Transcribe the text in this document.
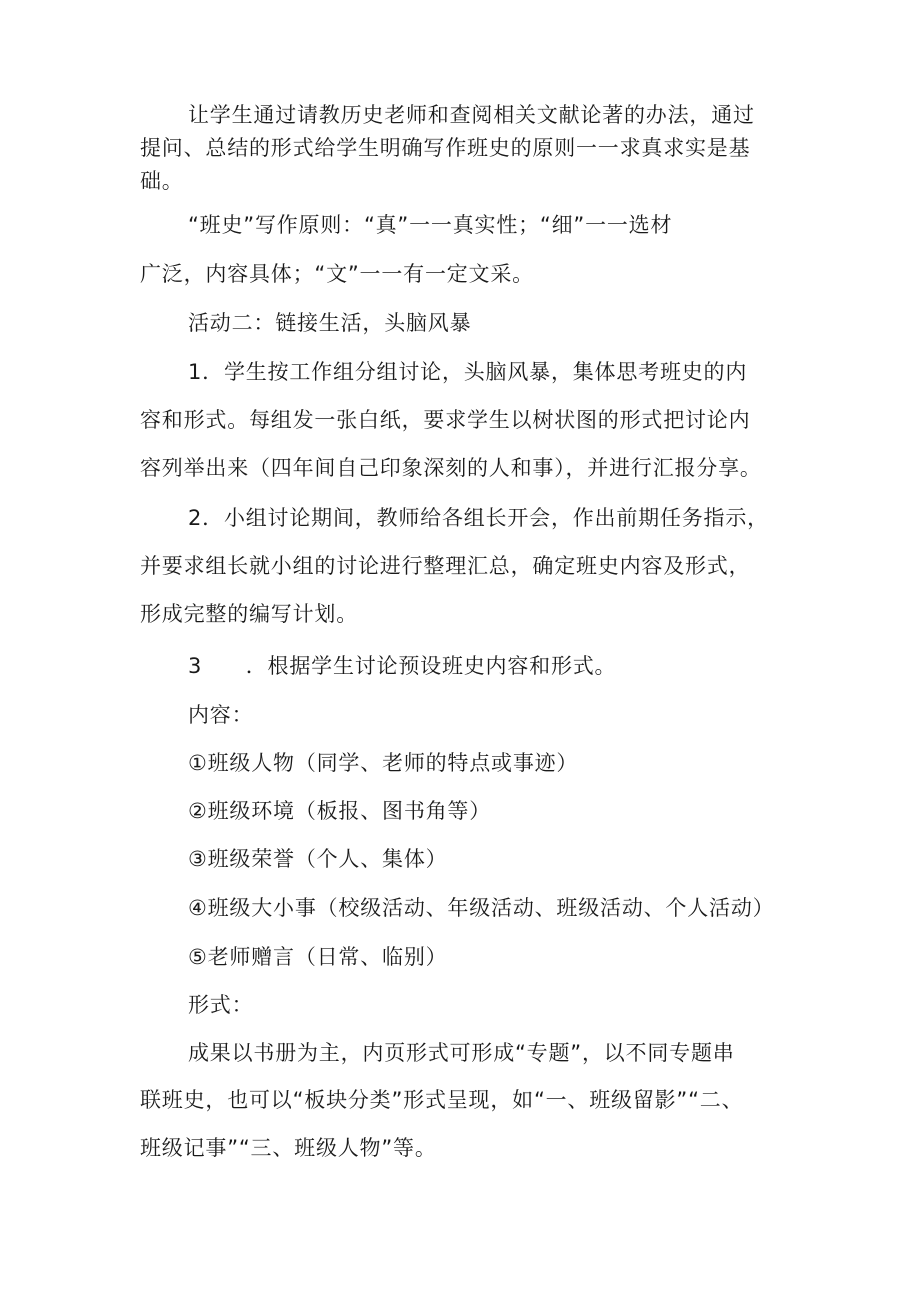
让学生通过请教历史老师和查阅相关文献论著的办法，通过
提问、总结的形式给学生明确写作班史的原则一一求真求实是基
础。
“班史”写作原则：“真”一一真实性；“细”一一选材
广泛，内容具体；“文”一一有一定文采。
活动二：链接生活，头脑风暴
1．学生按工作组分组讨论，头脑风暴，集体思考班史的内
容和形式。每组发一张白纸，要求学生以树状图的形式把讨论内
容列举出来（四年间自己印象深刻的人和事），并进行汇报分享。
2．小组讨论期间，教师给各组长开会，作出前期任务指示，
并要求组长就小组的讨论进行整理汇总，确定班史内容及形式，
形成完整的编写计划。
3　　．根据学生讨论预设班史内容和形式。
内容：
①班级人物（同学、老师的特点或事迹）
②班级环境（板报、图书角等）
③班级荣誉（个人、集体）
④班级大小事（校级活动、年级活动、班级活动、个人活动）
⑤老师赠言（日常、临别）
形式：
成果以书册为主，内页形式可形成“专题”，以不同专题串
联班史，也可以“板块分类”形式呈现，如“一、班级留影”“二、
班级记事”“三、班级人物”等。
